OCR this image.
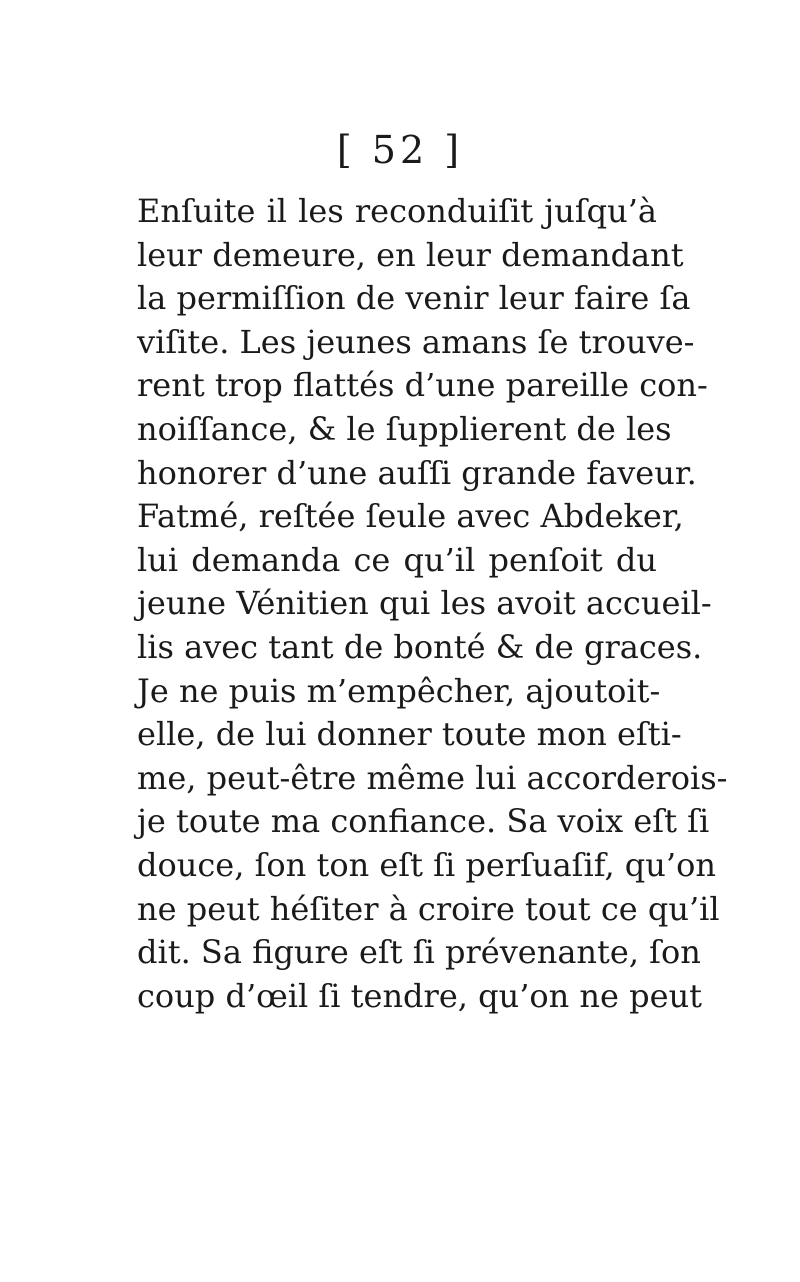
[ 52 ]
Enſuite il les reconduiſit juſqu’à
leur demeure, en leur demandant
la permiſſion de venir leur faire ſa
viſite. Les jeunes amans ſe trouve-
rent trop flattés d’une pareille con-
noiſſance, & le ſupplierent de les
honorer d’une auſſi grande faveur.
Fatmé, reſtée ſeule avec Abdeker,
lui demanda ce qu’il penſoit du
jeune Vénitien qui les avoit accueil-
lis avec tant de bonté & de graces.
Je ne puis m’empêcher, ajoutoit-
elle, de lui donner toute mon eſti-
me, peut-être même lui accorderois-
je toute ma confiance. Sa voix eſt ſi
douce, ſon ton eſt ſi perſuaſif, qu’on
ne peut héſiter à croire tout ce qu’il
dit. Sa figure eſt ſi prévenante, ſon
coup d’œil ſi tendre, qu’on ne peut
